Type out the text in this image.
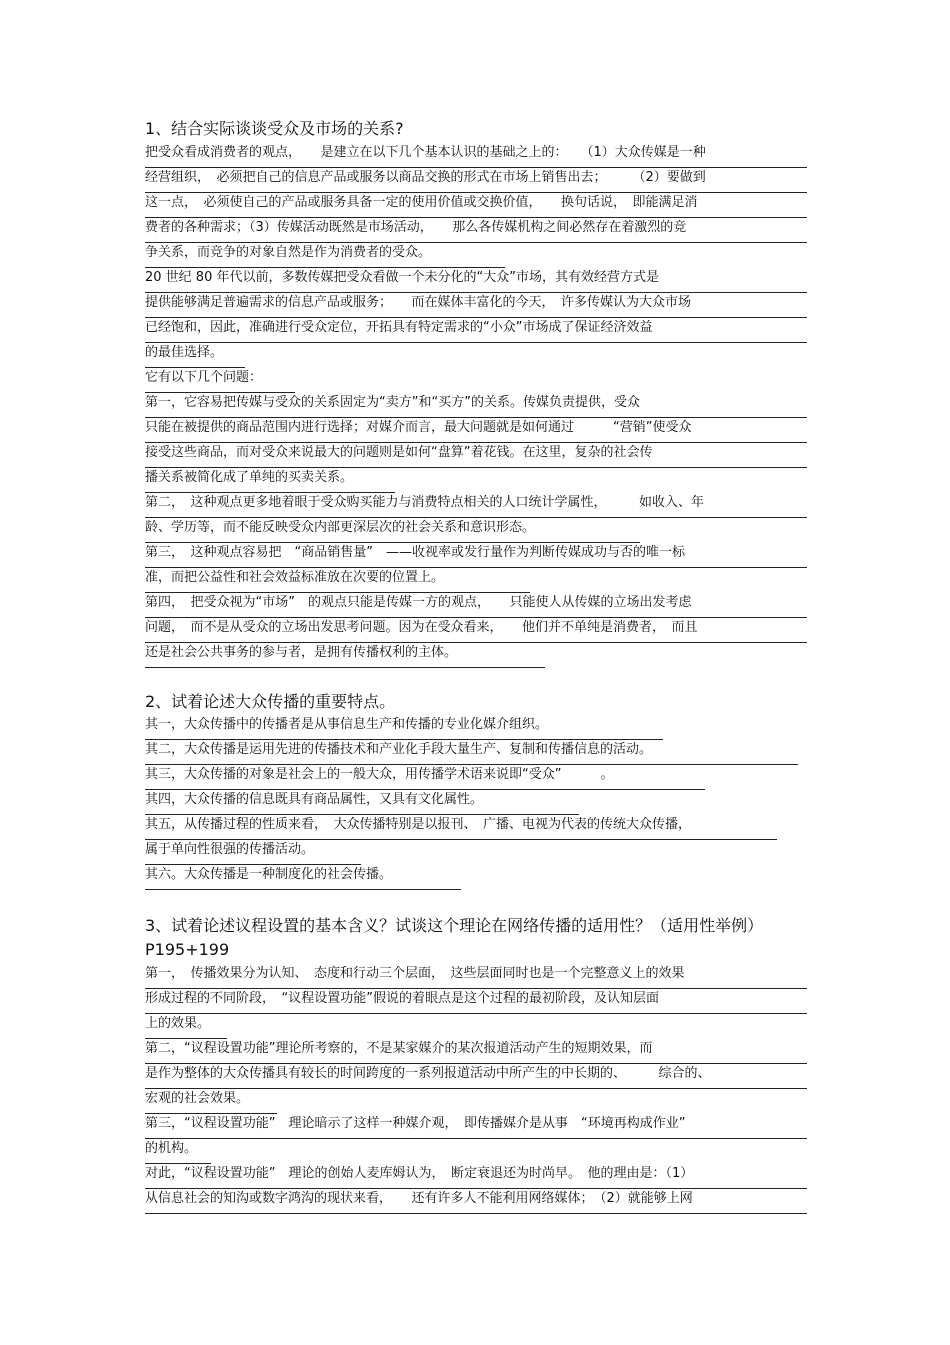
1、结合实际谈谈受众及市场的关系?
把受众看成消费者的观点，　　是建立在以下几个基本认识的基础之上的：　　（1）大众传媒是一种
经营组织，　必须把自己的信息产品或服务以商品交换的形式在市场上销售出去；　　　（2）要做到
这一点，　必须使自己的产品或服务具备一定的使用价值或交换价值，　　换句话说，　即能满足消
费者的各种需求；（3）传媒活动既然是市场活动，　　那么各传媒机构之间必然存在着激烈的竞
争关系，而竞争的对象自然是作为消费者的受众。
20 世纪 80 年代以前，多数传媒把受众看做一个未分化的“大众”市场，其有效经营方式是
提供能够满足普遍需求的信息产品或服务；　　而在媒体丰富化的今天，　许多传媒认为大众市场
已经饱和，因此，准确进行受众定位，开拓具有特定需求的“小众”市场成了保证经济效益
的最佳选择。
它有以下几个问题：
第一，它容易把传媒与受众的关系固定为“卖方”和“买方”的关系。传媒负责提供，受众
只能在被提供的商品范围内进行选择；对媒介而言，最大问题就是如何通过　　　“营销”使受众
接受这些商品，而对受众来说最大的问题则是如何“盘算”着花钱。在这里，复杂的社会传
播关系被简化成了单纯的买卖关系。
第二，　这种观点更多地着眼于受众购买能力与消费特点相关的人口统计学属性，　　　如收入、年
龄、学历等，而不能反映受众内部更深层次的社会关系和意识形态。
第三，　这种观点容易把　“商品销售量”　——收视率或发行量作为判断传媒成功与否的唯一标
准，而把公益性和社会效益标准放在次要的位置上。
第四，　把受众视为“市场”　的观点只能是传媒一方的观点，　　只能使人从传媒的立场出发考虑
问题，　而不是从受众的立场出发思考问题。因为在受众看来，　　他们并不单纯是消费者，　而且
还是社会公共事务的参与者，是拥有传播权利的主体。
2、试着论述大众传播的重要特点。
其一，大众传播中的传播者是从事信息生产和传播的专业化媒介组织。
其二，大众传播是运用先进的传播技术和产业化手段大量生产、复制和传播信息的活动。
其三，大众传播的对象是社会上的一般大众，用传播学术语来说即“受众”　　　。
其四，大众传播的信息既具有商品属性，又具有文化属性。
其五，从传播过程的性质来看，　大众传播特别是以报刊、　广播、电视为代表的传统大众传播，
属于单向性很强的传播活动。
其六。大众传播是一种制度化的社会传播。
3、试着论述议程设置的基本含义？试谈这个理论在网络传播的适用性？（适用性举例） P195+199
第一，　传播效果分为认知、　态度和行动三个层面，　这些层面同时也是一个完整意义上的效果
形成过程的不同阶段，　“议程设置功能”假说的着眼点是这个过程的最初阶段，及认知层面
上的效果。
第二，“议程设置功能”理论所考察的，不是某家媒介的某次报道活动产生的短期效果，而
是作为整体的大众传播具有较长的时间跨度的一系列报道活动中所产生的中长期的、　　　综合的、
宏观的社会效果。
第三，“议程设置功能”　理论暗示了这样一种媒介观，　即传播媒介是从事　“环境再构成作业”
的机构。
对此，“议程设置功能”　理论的创始人麦库姆认为，　断定衰退还为时尚早。　他的理由是：（1）
从信息社会的知沟或数字鸿沟的现状来看，　　还有许多人不能利用网络媒体；　（2）就能够上网
